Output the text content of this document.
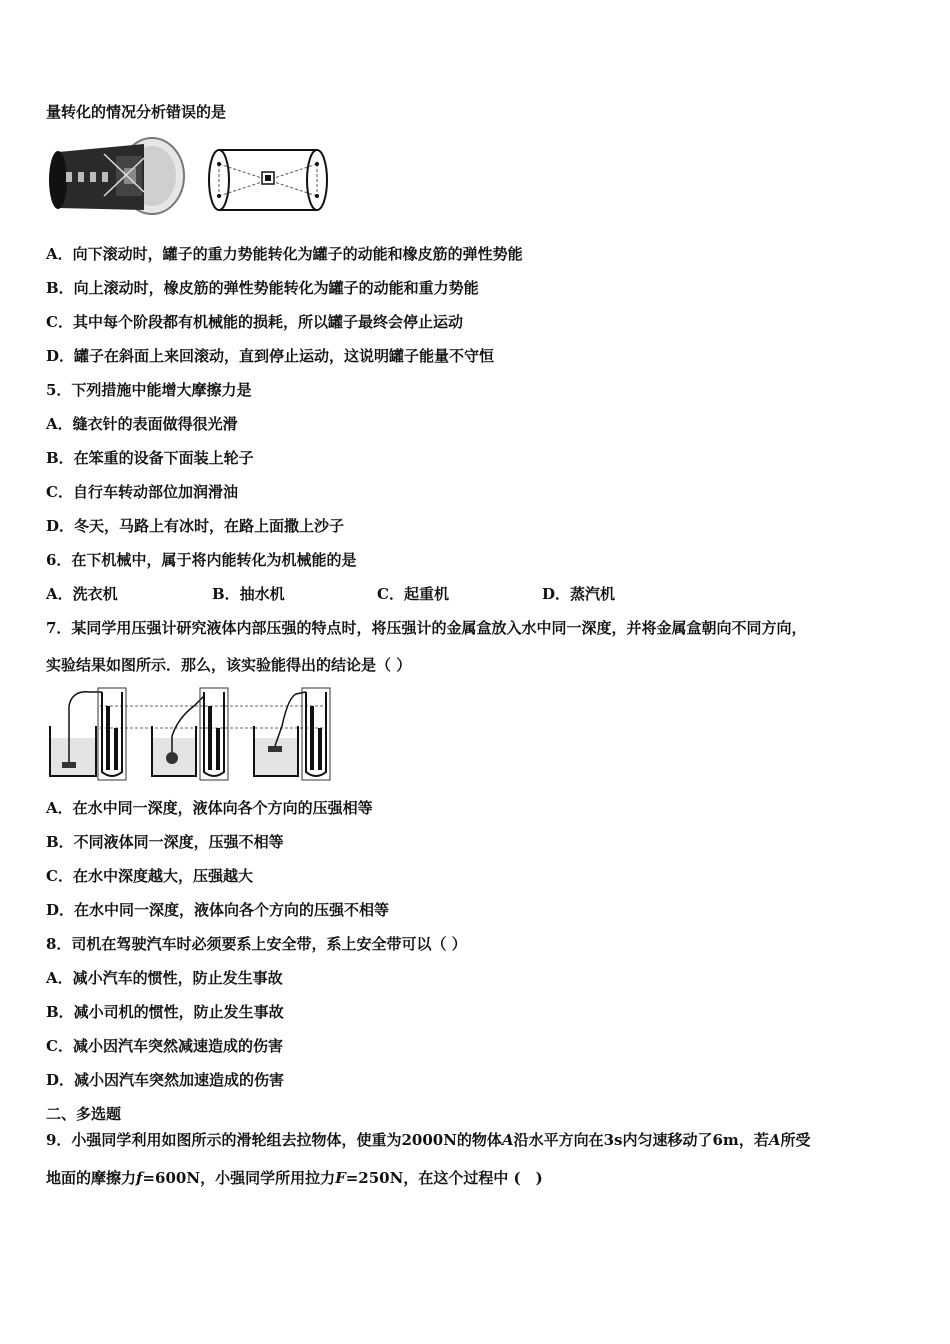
量转化的情况分析错误的是
A．向下滚动时，罐子的重力势能转化为罐子的动能和橡皮筋的弹性势能
B．向上滚动时，橡皮筋的弹性势能转化为罐子的动能和重力势能
C．其中每个阶段都有机械能的损耗，所以罐子最终会停止运动
D．罐子在斜面上来回滚动，直到停止运动，这说明罐子能量不守恒
5．下列措施中能增大摩擦力是
A．缝衣针的表面做得很光滑
B．在笨重的设备下面装上轮子
C．自行车转动部位加润滑油
D．冬天，马路上有冰时，在路上面撒上沙子
6．在下机械中，属于将内能转化为机械能的是
A．洗衣机	B．抽水机	C．起重机	D．蒸汽机
7．某同学用压强计研究液体内部压强的特点时，将压强计的金属盒放入水中同一深度，并将金属盒朝向不同方向，
实验结果如图所示．那么，该实验能得出的结论是（ ）
A．在水中同一深度，液体向各个方向的压强相等
B．不同液体同一深度，压强不相等
C．在水中深度越大，压强越大
D．在水中同一深度，液体向各个方向的压强不相等
8．司机在驾驶汽车时必须要系上安全带，系上安全带可以（ ）
A．减小汽车的惯性，防止发生事故
B．减小司机的惯性，防止发生事故
C．减小因汽车突然减速造成的伤害
D．减小因汽车突然加速造成的伤害
二、多选题
9．小强同学利用如图所示的滑轮组去拉物体，使重为2000N的物体A沿水平方向在3s内匀速移动了6m，若A所受
地面的摩擦力f=600N，小强同学所用拉力F=250N，在这个过程中 (　)
